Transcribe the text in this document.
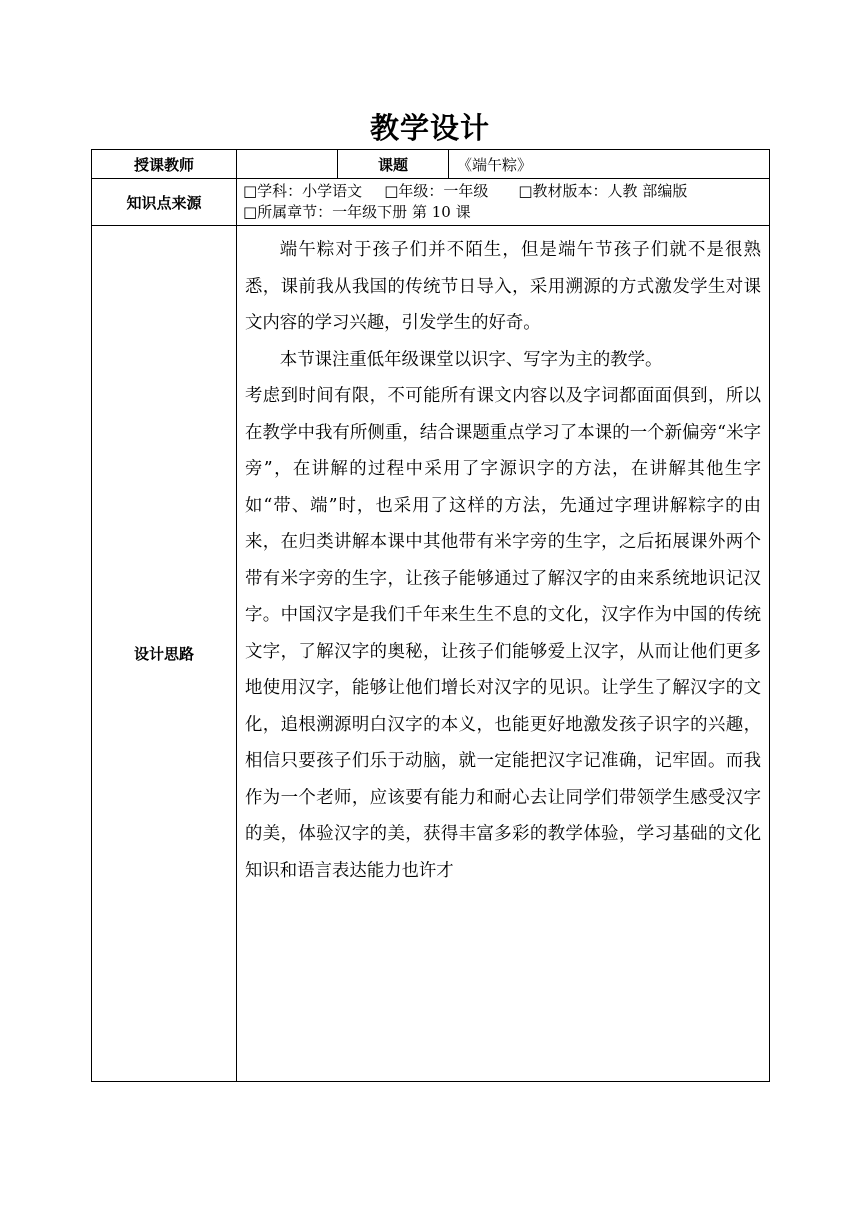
教学设计
授课教师		课题	《端午粽》
知识点来源	□学科：小学语文 □年级：一年级 □教材版本：人教 部编版
□所属章节：一年级下册 第 10 课		

设计思路	端午粽对于孩子们并不陌生，但是端午节孩子们就不是很熟悉，课前我从我国的传统节日导入，采用溯源的方式激发学生对课文内容的学习兴趣，引发学生的好奇。

本节课注重低年级课堂以识字、写字为主的教学。

考虑到时间有限，不可能所有课文内容以及字词都面面俱到，所以在教学中我有所侧重，结合课题重点学习了本课的一个新偏旁“米字旁”，在讲解的过程中采用了字源识字的方法，在讲解其他生字如“带、端”时，也采用了这样的方法，先通过字理讲解粽字的由来，在归类讲解本课中其他带有米字旁的生字，之后拓展课外两个带有米字旁的生字，让孩子能够通过了解汉字的由来系统地识记汉字。中国汉字是我们千年来生生不息的文化，汉字作为中国的传统文字，了解汉字的奥秘，让孩子们能够爱上汉字，从而让他们更多地使用汉字，能够让他们增长对汉字的见识。让学生了解汉字的文化，追根溯源明白汉字的本义，也能更好地激发孩子识字的兴趣，相信只要孩子们乐于动脑，就一定能把汉字记准确，记牢固。而我作为一个老师，应该要有能力和耐心去让同学们带领学生感受汉字的美，体验汉字的美，获得丰富多彩的教学体验，学习基础的文化知识和语言表达能力也许才		
